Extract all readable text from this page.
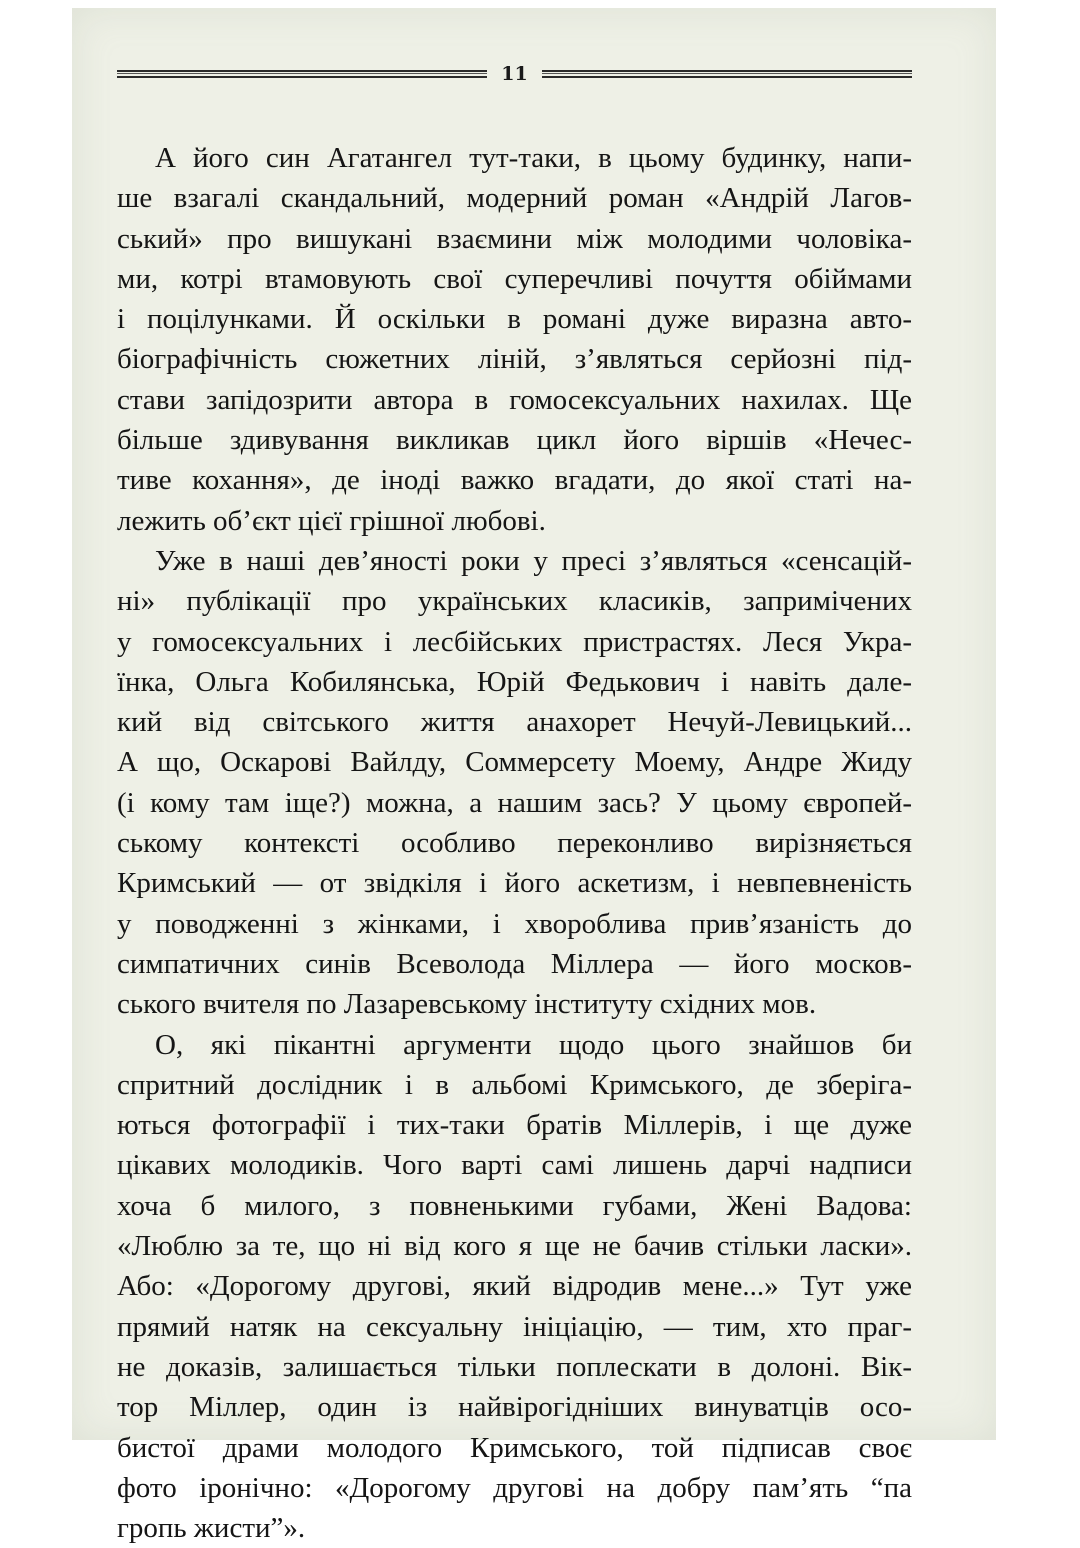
11

А його син Агатангел тут-таки, в цьому будинку, напи-
ше взагалі скандальний, модерний роман «Андрій Лагов-
ський» про вишукані взаємини між молодими чоловіка-
ми, котрі втамовують свої суперечливі почуття обіймами
і поцілунками. Й оскільки в романі дуже виразна авто-
біографічність сюжетних ліній, з’являться серйозні під-
стави запідозрити автора в гомосексуальних нахилах. Ще
більше здивування викликав цикл його віршів «Нечес-
тиве кохання», де іноді важко вгадати, до якої статі на-
лежить об’єкт цієї грішної любові.

Уже в наші дев’яності роки у пресі з’являться «сенсацій-
ні» публікації про українських класиків, запримічених
у гомосексуальних і лесбійських пристрастях. Леся Укра-
їнка, Ольга Кобилянська, Юрій Федькович і навіть дале-
кий від світського життя анахорет Нечуй-Левицький...
А що, Оскарові Вайлду, Соммерсету Моему, Андре Жиду
(і кому там іще?) можна, а нашим зась? У цьому європей-
ському контексті особливо переконливо вирізняється
Кримський — от звідкіля і його аскетизм, і невпевненість
у поводженні з жінками, і хвороблива прив’язаність до
симпатичних синів Всеволода Міллера — його москов-
ського вчителя по Лазаревському інституту східних мов.

О, які пікантні аргументи щодо цього знайшов би
спритний дослідник і в альбомі Кримського, де зберіга-
ються фотографії і тих-таки братів Міллерів, і ще дуже
цікавих молодиків. Чого варті самі лишень дарчі надписи
хоча б милого, з повненькими губами, Жені Вадова:
«Люблю за те, що ні від кого я ще не бачив стільки ласки».
Або: «Дорогому другові, який відродив мене...» Тут уже
прямий натяк на сексуальну ініціацію, — тим, хто праг-
не доказів, залишається тільки поплескати в долоні. Вік-
тор Міллер, один із найвірогідніших винуватців осо-
бистої драми молодого Кримського, той підписав своє
фото іронічно: «Дорогому другові на добру пам’ять “па
гропь жисти”».
